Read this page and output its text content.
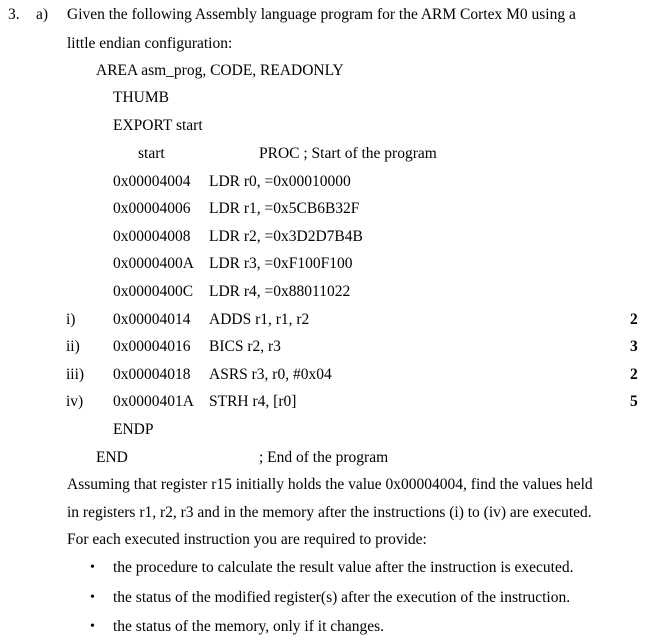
3. a) Given the following Assembly language program for the ARM Cortex M0 using a
little endian configuration:
AREA asm_prog, CODE, READONLY
THUMB
EXPORT start
start	PROC ; Start of the program
0x00004004 LDR r0, =0x00010000
0x00004006 LDR r1, =0x5CB6B32F
0x00004008 LDR r2, =0x3D2D7B4B
0x0000400A LDR r3, =0xF100F100
0x0000400C LDR r4, =0x88011022
i) 0x00004014 ADDS r1, r1, r2	2
ii) 0x00004016 BICS r2, r3	3
iii) 0x00004018 ASRS r3, r0, #0x04	2
iv) 0x0000401A STRH r4, [r0]	5
ENDP
END	; End of the program
Assuming that register r15 initially holds the value 0x00004004, find the values held
in registers r1, r2, r3 and in the memory after the instructions (i) to (iv) are executed.
For each executed instruction you are required to provide:
• the procedure to calculate the result value after the instruction is executed.
• the status of the modified register(s) after the execution of the instruction.
• the status of the memory, only if it changes.
